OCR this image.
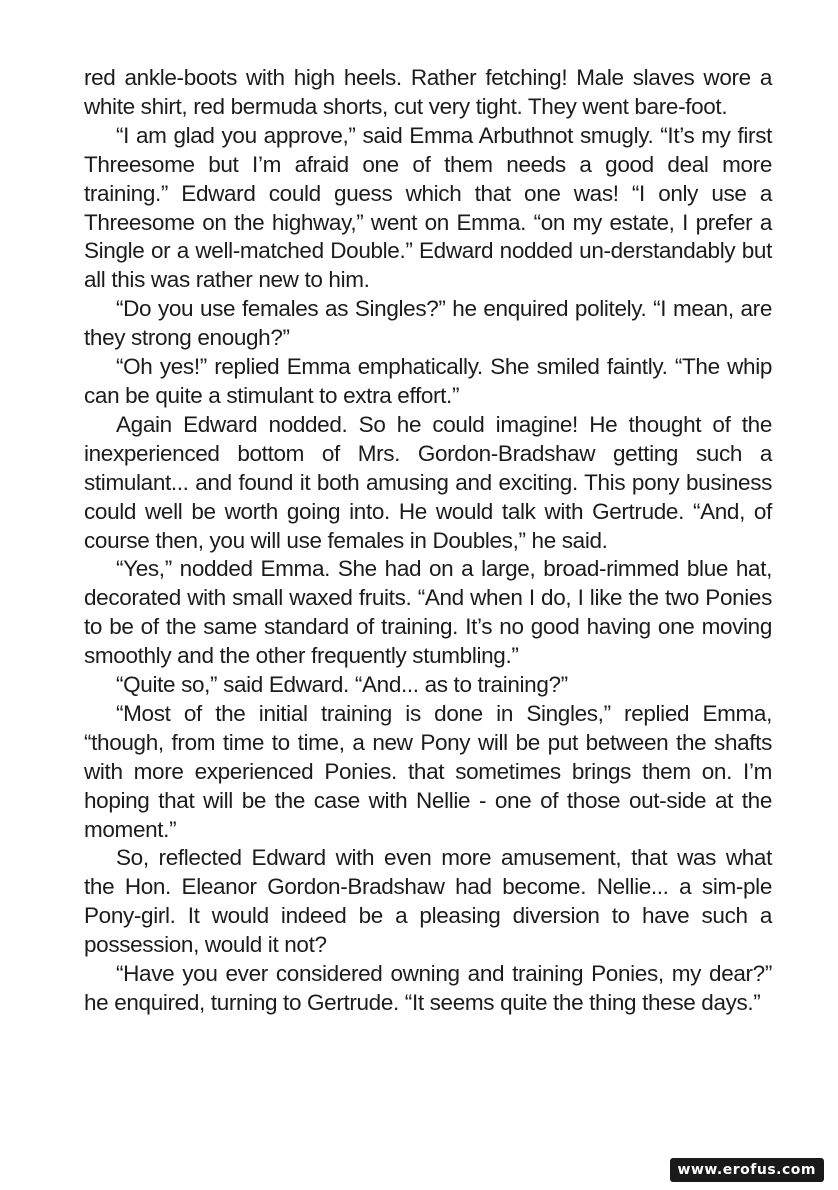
red ankle-boots with high heels. Rather fetching! Male slaves wore a white shirt, red bermuda shorts, cut very tight. They went bare-foot.

“I am glad you approve,” said Emma Arbuthnot smugly. “It’s my first Threesome but I’m afraid one of them needs a good deal more training.” Edward could guess which that one was! “I only use a Threesome on the highway,” went on Emma. “on my estate, I prefer a Single or a well-matched Double.” Edward nodded un-derstandably but all this was rather new to him.

“Do you use females as Singles?” he enquired politely. “I mean, are they strong enough?”

“Oh yes!” replied Emma emphatically. She smiled faintly. “The whip can be quite a stimulant to extra effort.”

Again Edward nodded. So he could imagine! He thought of the inexperienced bottom of Mrs. Gordon-Bradshaw getting such a stimulant... and found it both amusing and exciting. This pony business could well be worth going into. He would talk with Gertrude. “And, of course then, you will use females in Doubles,” he said.

“Yes,” nodded Emma. She had on a large, broad-rimmed blue hat, decorated with small waxed fruits. “And when I do, I like the two Ponies to be of the same standard of training. It’s no good having one moving smoothly and the other frequently stumbling.”

“Quite so,” said Edward. “And... as to training?”

“Most of the initial training is done in Singles,” replied Emma, “though, from time to time, a new Pony will be put between the shafts with more experienced Ponies. that sometimes brings them on. I’m hoping that will be the case with Nellie - one of those out-side at the moment.”

So, reflected Edward with even more amusement, that was what the Hon. Eleanor Gordon-Bradshaw had become. Nellie... a sim-ple Pony-girl. It would indeed be a pleasing diversion to have such a possession, would it not?

“Have you ever considered owning and training Ponies, my dear?” he enquired, turning to Gertrude. “It seems quite the thing these days.”

www.erofus.com
